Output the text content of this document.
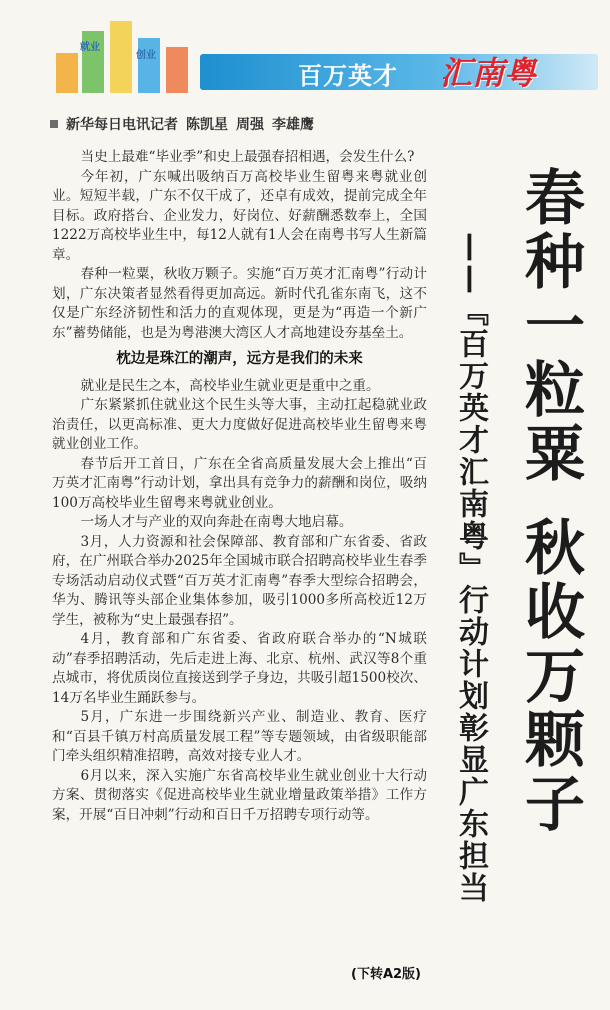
就业
创业
百万英才 汇南粤
新华每日电讯记者 陈凯星 周强 李雄鹰

当史上最难“毕业季”和史上最强春招相遇，会发生什么?

今年初，广东喊出吸纳百万高校毕业生留粤来粤就业创业。短短半载，广东不仅干成了，还卓有成效，提前完成全年目标。政府搭台、企业发力，好岗位、好薪酬悉数奉上，全国1222万高校毕业生中，每12人就有1人会在南粤书写人生新篇章。

春种一粒粟，秋收万颗子。实施“百万英才汇南粤”行动计划，广东决策者显然看得更加高远。新时代孔雀东南飞，这不仅是广东经济韧性和活力的直观体现，更是为“再造一个新广东”蓄势储能，也是为粤港澳大湾区人才高地建设夯基垒土。

枕边是珠江的潮声，远方是我们的未来

就业是民生之本，高校毕业生就业更是重中之重。

广东紧紧抓住就业这个民生头等大事，主动扛起稳就业政治责任，以更高标准、更大力度做好促进高校毕业生留粤来粤就业创业工作。

春节后开工首日，广东在全省高质量发展大会上推出“百万英才汇南粤”行动计划，拿出具有竞争力的薪酬和岗位，吸纳100万高校毕业生留粤来粤就业创业。

一场人才与产业的双向奔赴在南粤大地启幕。

3月，人力资源和社会保障部、教育部和广东省委、省政府，在广州联合举办2025年全国城市联合招聘高校毕业生春季专场活动启动仪式暨“百万英才汇南粤”春季大型综合招聘会，华为、腾讯等头部企业集体参加，吸引1000多所高校近12万学生，被称为“史上最强春招”。

4月，教育部和广东省委、省政府联合举办的“N城联动”春季招聘活动，先后走进上海、北京、杭州、武汉等8个重点城市，将优质岗位直接送到学子身边，共吸引超1500校次、14万名毕业生踊跃参与。

5月，广东进一步围绕新兴产业、制造业、教育、医疗和“百县千镇万村高质量发展工程”等专题领域，由省级职能部门牵头组织精准招聘，高效对接专业人才。

6月以来，深入实施广东省高校毕业生就业创业十大行动方案、贯彻落实《促进高校毕业生就业增量政策举措》工作方案，开展“百日冲刺”行动和百日千万招聘专项行动等。

(下转A2版)
春种一粒粟秋收万颗子
——『百万英才汇南粤』行动计划彰显广东担当
